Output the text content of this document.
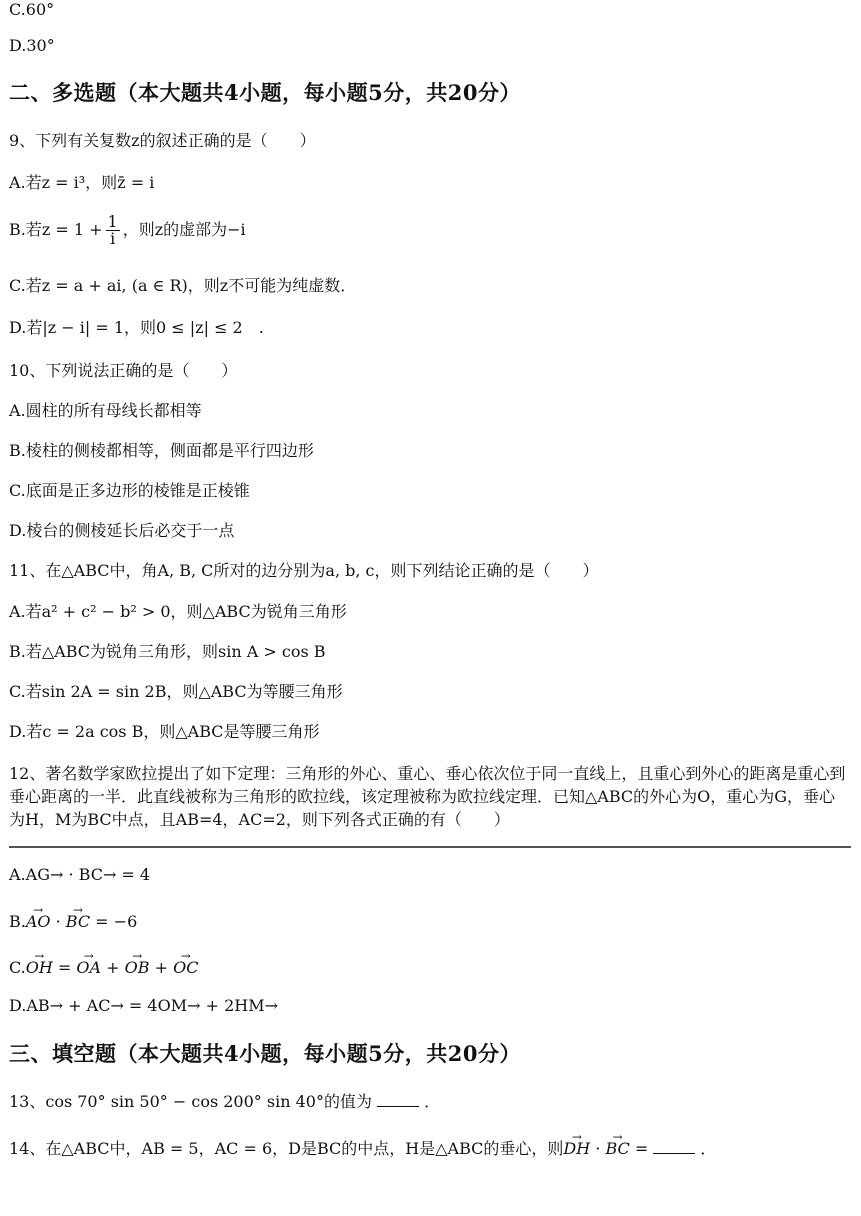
C.60°
D.30°
二、多选题（本大题共4小题，每小题5分，共20分）
9、下列有关复数z的叙述正确的是（　　）
A.若z = i³，则z̄ = i
B.若$z = 1 + \frac{1}{i}$ ，则z的虚部为−i
C.若z = a + ai, (a ∈ R)，则z不可能为纯虚数．
D.若|z − i| = 1，则0 ≤ |z| ≤ 2　.
10、下列说法正确的是（　　）
A.圆柱的所有母线长都相等
B.棱柱的侧棱都相等，侧面都是平行四边形
C.底面是正多边形的棱锥是正棱锥
D.棱台的侧棱延长后必交于一点
11、在△ABC中，角A, B, C所对的边分别为a, b, c，则下列结论正确的是（　　）
A.若a² + c² − b² > 0，则△ABC为锐角三角形
B.若△ABC为锐角三角形，则sin A > cos B
C.若sin 2A = sin 2B，则△ABC为等腰三角形
D.若c = 2a cos B，则△ABC是等腰三角形
12、著名数学家欧拉提出了如下定理：三角形的外心、重心、垂心依次位于同一直线上，且重心到外心的距离是重心到垂心距离的一半．此直线被称为三角形的欧拉线，该定理被称为欧拉线定理．已知△ABC的外心为O，重心为G，垂心为H，M为BC中点，且AB=4，AC=2，则下列各式正确的有（　　）
A.AG→ · BC→ = 4
B.→ AO · → BC = −6
C.→ OH = → OA + → OB + → OC
D.AB→ + AC→ = 4OM→ + 2HM→
三、填空题（本大题共4小题，每小题5分，共20分）
13、cos 70° sin 50° − cos 200° sin 40°的值为	．
14、在△ABC中，AB = 5，AC = 6，D是BC的中点，H是△ABC的垂心，则→ DH · → BC =	．
